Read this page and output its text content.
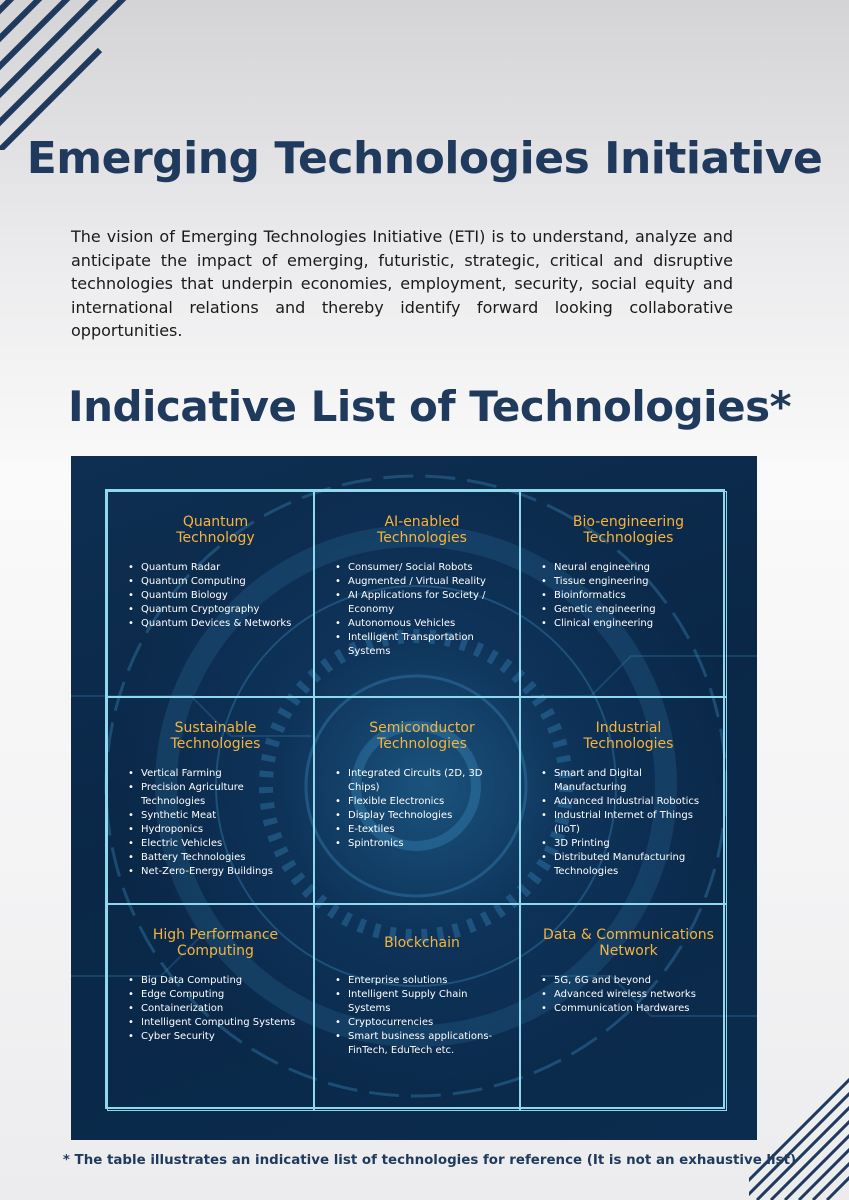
Emerging Technologies Initiative

The vision of Emerging Technologies Initiative (ETI) is to understand, analyze and anticipate the impact of emerging, futuristic, strategic, critical and disruptive technologies that underpin economies, employment, security, social equity and international relations and thereby identify forward looking collaborative opportunities.

Indicative List of Technologies*
Quantum
Technology
• Quantum Radar
• Quantum Computing
• Quantum Biology
• Quantum Cryptography
• Quantum Devices & Networks
AI-enabled
Technologies
• Consumer/ Social Robots
• Augmented / Virtual Reality
• AI Applications for Society / Economy
• Autonomous Vehicles
• Intelligent Transportation Systems
Bio-engineering
Technologies
• Neural engineering
• Tissue engineering
• Bioinformatics
• Genetic engineering
• Clinical engineering
Sustainable
Technologies
• Vertical Farming
• Precision Agriculture Technologies
• Synthetic Meat
• Hydroponics
• Electric Vehicles
• Battery Technologies
• Net-Zero-Energy Buildings
Semiconductor
Technologies
• Integrated Circuits (2D, 3D Chips)
• Flexible Electronics
• Display Technologies
• E-textiles
• Spintronics
Industrial
Technologies
• Smart and Digital Manufacturing
• Advanced Industrial Robotics
• Industrial Internet of Things (IIoT)
• 3D Printing
• Distributed Manufacturing Technologies
High Performance
Computing
• Big Data Computing
• Edge Computing
• Containerization
• Intelligent Computing Systems
• Cyber Security
Blockchain
• Enterprise solutions
• Intelligent Supply Chain Systems
• Cryptocurrencies
• Smart business applications- FinTech, EduTech etc.
Data & Communications
Network
• 5G, 6G and beyond
• Advanced wireless networks
• Communication Hardwares

* The table illustrates an indicative list of technologies for reference (It is not an exhaustive list)
